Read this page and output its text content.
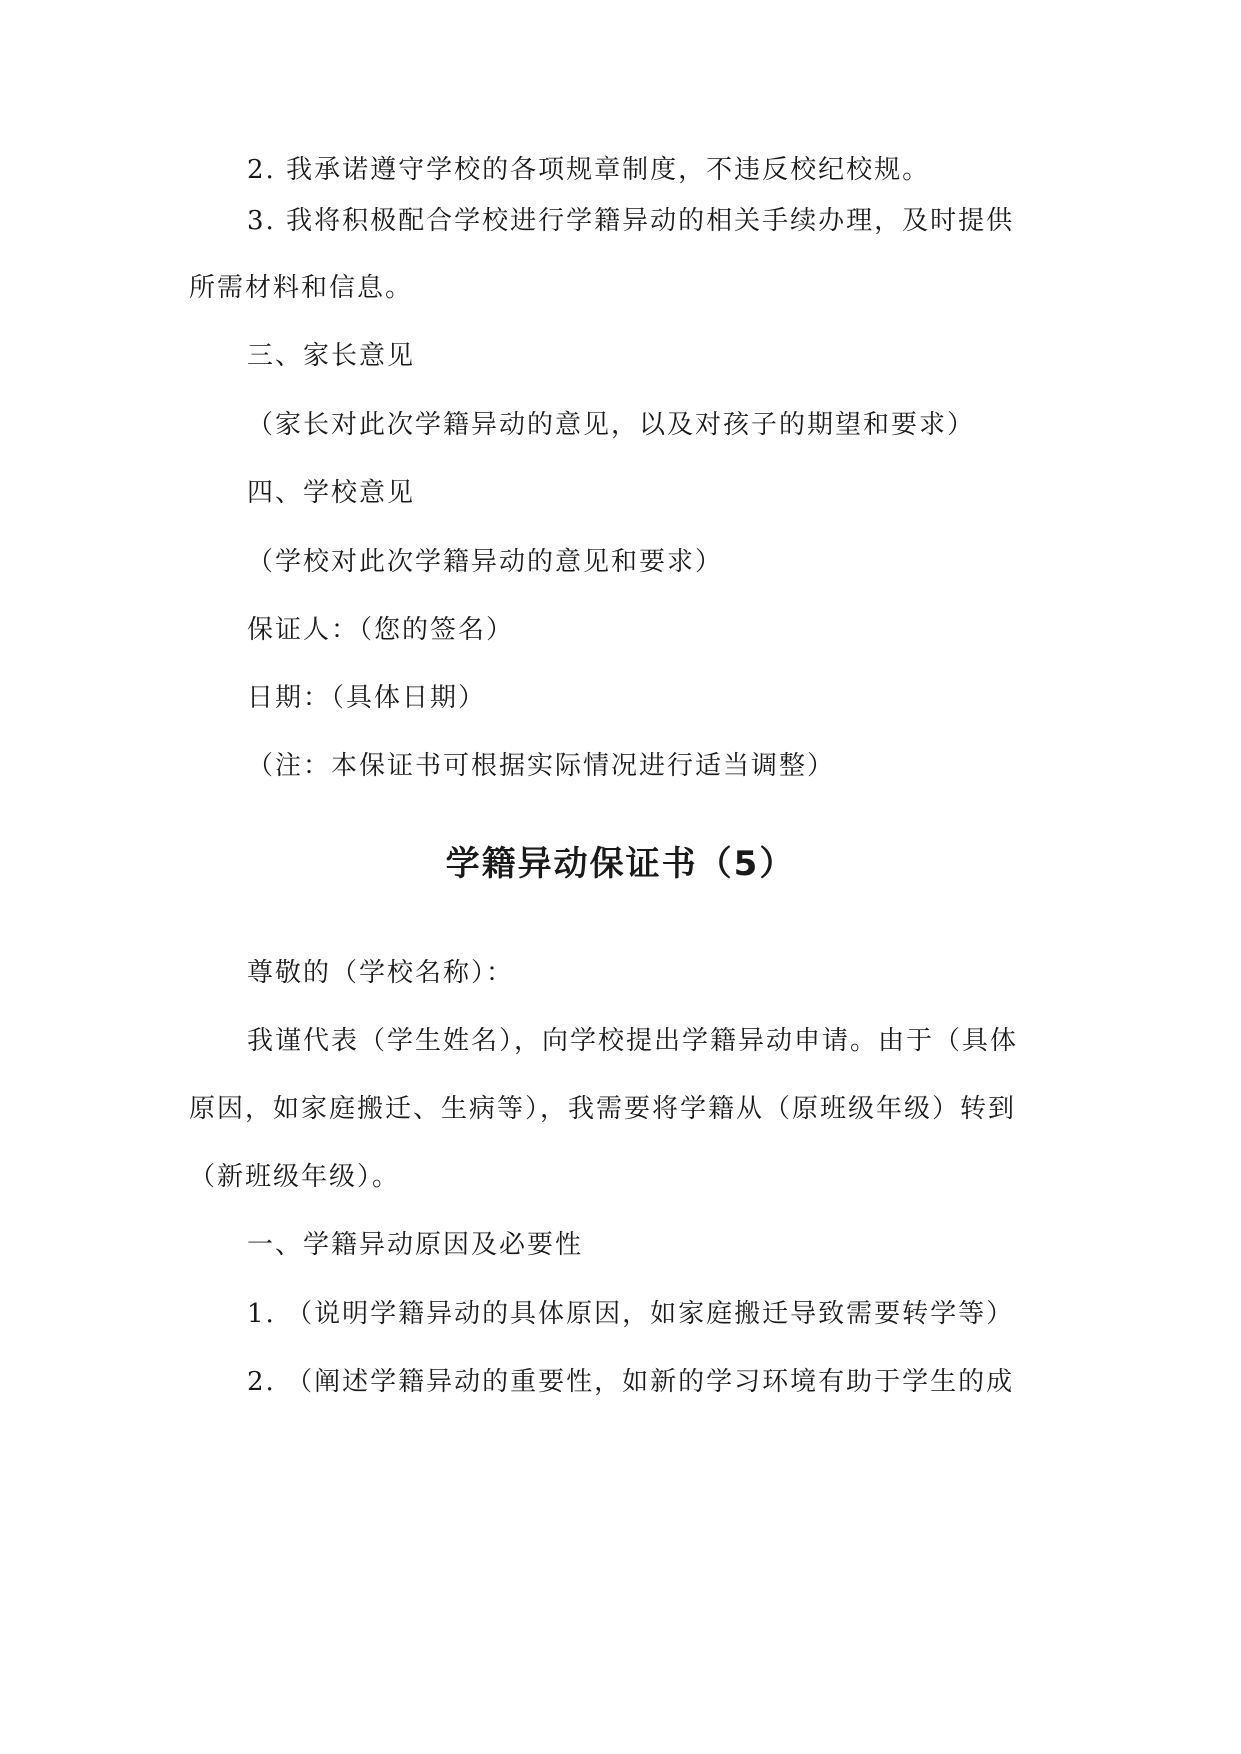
2. 我承诺遵守学校的各项规章制度，不违反校纪校规。
3. 我将积极配合学校进行学籍异动的相关手续办理，及时提供
所需材料和信息。
三、家长意见
（家长对此次学籍异动的意见，以及对孩子的期望和要求）
四、学校意见
（学校对此次学籍异动的意见和要求）
保证人：（您的签名）
日期：（具体日期）
（注：本保证书可根据实际情况进行适当调整）
学籍异动保证书（5）
尊敬的（学校名称）：
我谨代表（学生姓名），向学校提出学籍异动申请。由于（具体
原因，如家庭搬迁、生病等），我需要将学籍从（原班级年级）转到
（新班级年级）。
一、学籍异动原因及必要性
1. （说明学籍异动的具体原因，如家庭搬迁导致需要转学等）
2. （阐述学籍异动的重要性，如新的学习环境有助于学生的成
